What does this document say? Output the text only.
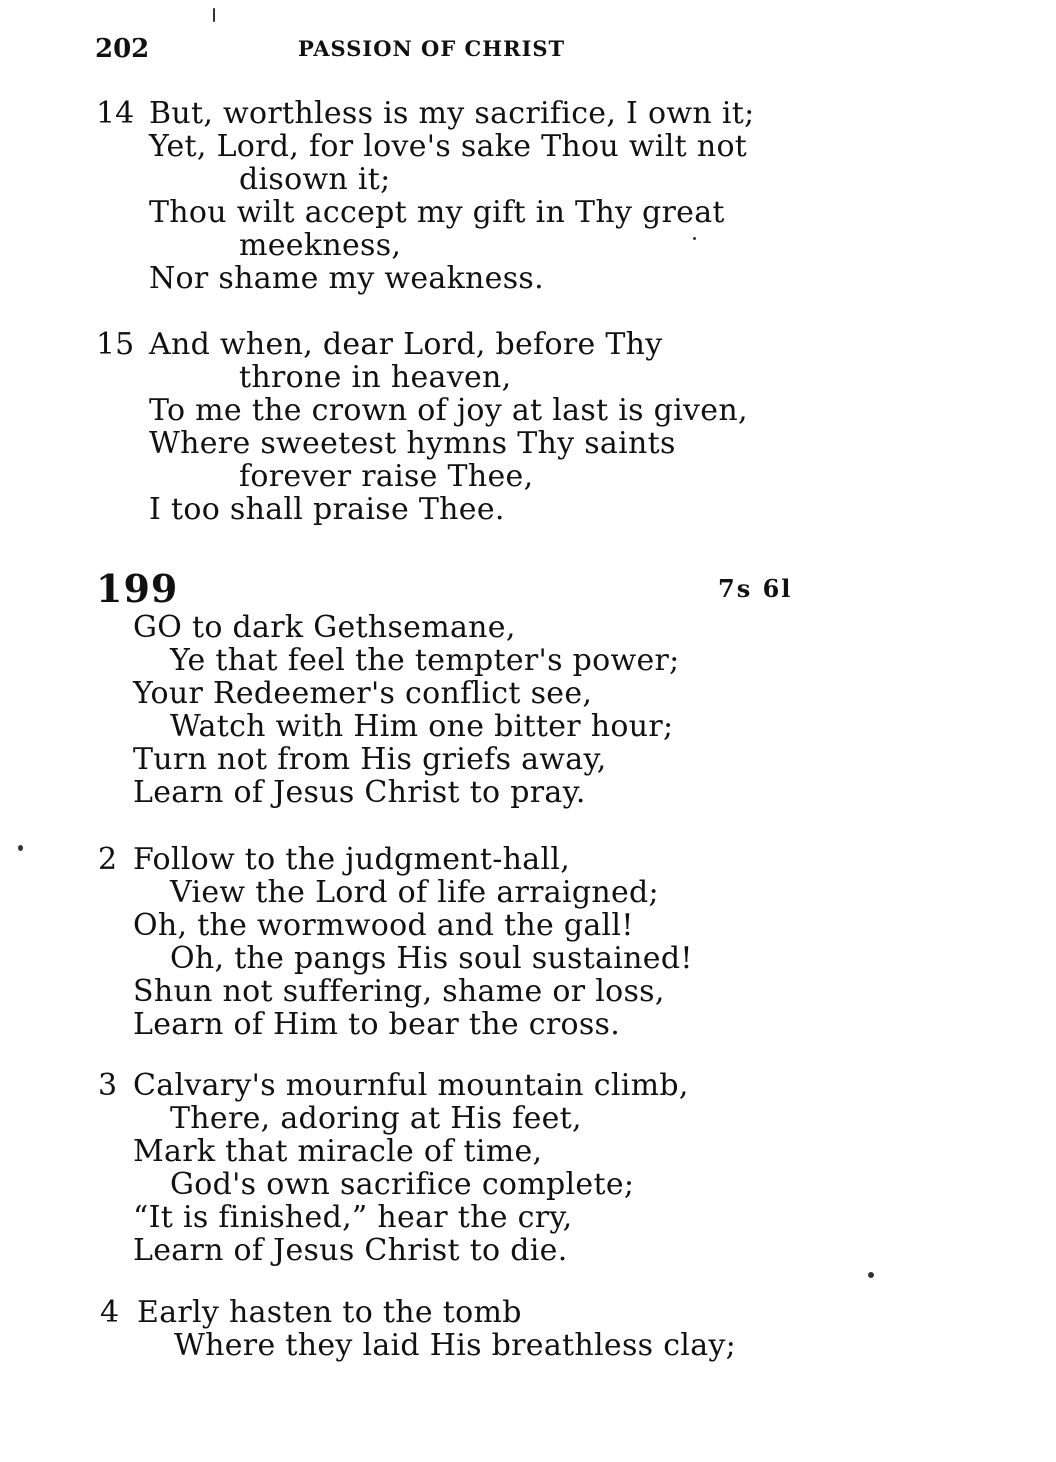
202	PASSION OF CHRIST
14 But, worthless is my sacrifice, I own it;
Yet, Lord, for love's sake Thou wilt not
disown it;
Thou wilt accept my gift in Thy great
meekness,
Nor shame my weakness.
15 And when, dear Lord, before Thy
throne in heaven,
To me the crown of joy at last is given,
Where sweetest hymns Thy saints
forever raise Thee,
I too shall praise Thee.
199	7s 6l
GO to dark Gethsemane,
Ye that feel the tempter's power;
Your Redeemer's conflict see,
Watch with Him one bitter hour;
Turn not from His griefs away,
Learn of Jesus Christ to pray.
2 Follow to the judgment-hall,
View the Lord of life arraigned;
Oh, the wormwood and the gall!
Oh, the pangs His soul sustained!
Shun not suffering, shame or loss,
Learn of Him to bear the cross.
3 Calvary's mournful mountain climb,
There, adoring at His feet,
Mark that miracle of time,
God's own sacrifice complete;
“It is finished,” hear the cry,
Learn of Jesus Christ to die.
4 Early hasten to the tomb
Where they laid His breathless clay;
